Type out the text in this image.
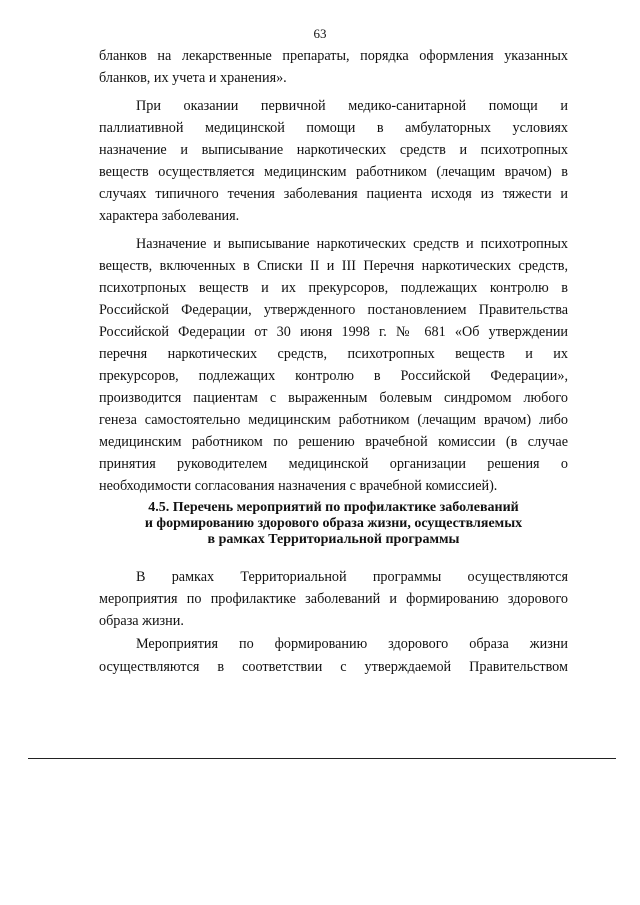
63
бланков на лекарственные препараты, порядка оформления указанных
бланков, их учета и хранения».
При оказании первичной медико-санитарной помощи и
паллиативной медицинской помощи в амбулаторных условиях
назначение и выписывание наркотических средств и психотропных
веществ осуществляется медицинским работником (лечащим врачом) в
случаях типичного течения заболевания пациента исходя из тяжести и
характера заболевания.
Назначение и выписывание наркотических средств и психотропных
веществ, включенных в Списки II и III Перечня наркотических средств,
психотрпоных веществ и их прекурсоров, подлежащих контролю в
Российской Федерации, утвержденного постановлением Правительства
Российской Федерации от 30 июня 1998 г. № 681 «Об утверждении
перечня наркотических средств, психотропных веществ и их
прекурсоров, подлежащих контролю в Российской Федерации»,
производится пациентам с выраженным болевым синдромом любого
генеза самостоятельно медицинским работником (лечащим врачом) либо
медицинским работником по решению врачебной комиссии (в случае
принятия руководителем медицинской организации решения о
необходимости согласования назначения с врачебной комиссией).
4.5. Перечень мероприятий по профилактике заболеваний
и формированию здорового образа жизни, осуществляемых
в рамках Территориальной программы
В рамках Территориальной программы осуществляются
мероприятия по профилактике заболеваний и формированию здорового
образа жизни.
Мероприятия по формированию здорового образа жизни
осуществляются в соответствии с утверждаемой Правительством
